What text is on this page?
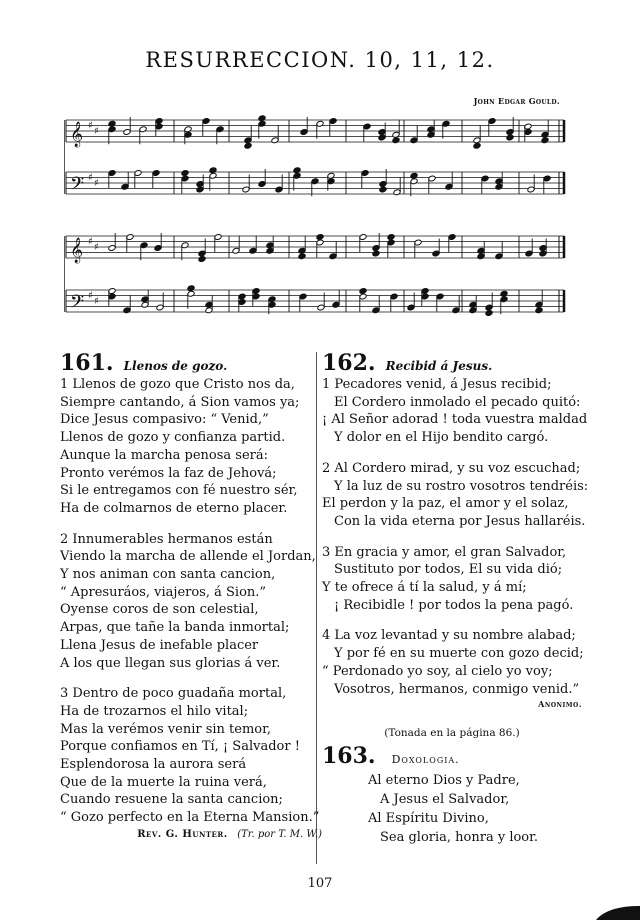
RESURRECCION. 10, 11, 12.
John Edgar Gould.
𝄞 ♯ ♯
𝄢 ♯ ♯
𝄞 ♯ ♯
𝄢 ♯ ♯
161. Llenos de gozo.
1 Llenos de gozo que Cristo nos da,
Siempre cantando, á Sion vamos ya;
Dice Jesus compasivo: “ Venid,”
Llenos de gozo y confianza partid.
Aunque la marcha penosa será:
Pronto verémos la faz de Jehová;
Si le entregamos con fé nuestro sér,
Ha de colmarnos de eterno placer.
2 Innumerables hermanos están
Viendo la marcha de allende el Jordan,
Y nos animan con santa cancion,
“ Apresuráos, viajeros, á Sion.”
Oyense coros de son celestial,
Arpas, que tañe la banda inmortal;
Llena Jesus de inefable placer
A los que llegan sus glorias á ver.
3 Dentro de poco guadaña mortal,
Ha de trozarnos el hilo vital;
Mas la verémos venir sin temor,
Porque confiamos en Tí, ¡ Salvador !
Esplendorosa la aurora será
Que de la muerte la ruina verá,
Cuando resuene la santa cancion;
“ Gozo perfecto en la Eterna Mansion.”
Rev. G. Hunter. (Tr. por T. M. W.)
162. Recibid á Jesus.
1 Pecadores venid, á Jesus recibid;
El Cordero inmolado el pecado quitó:
¡ Al Señor adorad ! toda vuestra maldad
Y dolor en el Hijo bendito cargó.
2 Al Cordero mirad, y su voz escuchad;
Y la luz de su rostro vosotros tendréis:
El perdon y la paz, el amor y el solaz,
Con la vida eterna por Jesus hallaréis.
3 En gracia y amor, el gran Salvador,
Sustituto por todos, El su vida dió;
Y te ofrece á tí la salud, y á mí;
¡ Recibidle ! por todos la pena pagó.
4 La voz levantad y su nombre alabad;
Y por fé en su muerte con gozo decid;
“ Perdonado yo soy, al cielo yo voy;
Vosotros, hermanos, conmigo venid.”
Anonimo.
(Tonada en la página 86.)
163. Doxologia.
Al eterno Dios y Padre,
A Jesus el Salvador,
Al Espíritu Divino,
Sea gloria, honra y loor.
107
